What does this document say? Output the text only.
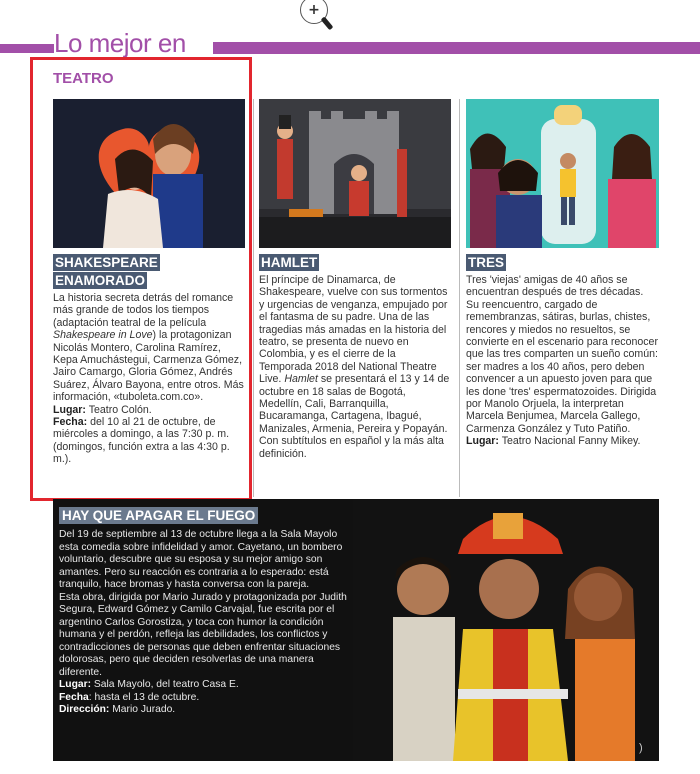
+
Lo mejor en
TEATRO
SHAKESPEARE
ENAMORADO
La historia secreta detrás del romance más grande de todos los tiempos (adaptación teatral de la película Shakespeare in Love) la protagonizan Nicolás Montero, Carolina Ramírez, Kepa Amuchástegui, Carmenza Gómez, Jairo Camargo, Gloria Gómez, Andrés Suárez, Álvaro Bayona, entre otros. Más información, «tuboleta.com.co».
Lugar: Teatro Colón.
Fecha: del 10 al 21 de octubre, de miércoles a domingo, a las 7:30 p. m. (domingos, función extra a las 4:30 p. m.).
HAMLET
El príncipe de Dinamarca, de Shakespeare, vuelve con sus tormentos y urgencias de venganza, empujado por el fantasma de su padre. Una de las tragedias más amadas en la historia del teatro, se presenta de nuevo en Colombia, y es el cierre de la Temporada 2018 del National Theatre Live. Hamlet se presentará el 13 y 14 de octubre en 18 salas de Bogotá, Medellín, Cali, Barranquilla, Bucaramanga, Cartagena, Ibagué, Manizales, Armenia, Pereira y Popayán. Con subtítulos en español y la más alta definición.
TRES
Tres 'viejas' amigas de 40 años se encuentran después de tres décadas. Su reencuentro, cargado de remembranzas, sátiras, burlas, chistes, rencores y miedos no resueltos, se convierte en el escenario para reconocer que las tres comparten un sueño común: ser madres a los 40 años, pero deben convencer a un apuesto joven para que les done 'tres' espermatozoides. Dirigida por Manolo Orjuela, la interpretan Marcela Benjumea, Marcela Gallego, Carmenza González y Tuto Patiño.
Lugar: Teatro Nacional Fanny Mikey.
)
HAY QUE APAGAR EL FUEGO

Del 19 de septiembre al 13 de octubre llega a la Sala Mayolo esta comedia sobre infidelidad y amor. Cayetano, un bombero voluntario, descubre que su esposa y su mejor amigo son amantes. Pero su reacción es contraria a lo esperado: está tranquilo, hace bromas y hasta conversa con la pareja.

Esta obra, dirigida por Mario Jurado y protagonizada por Judith Segura, Edward Gómez y Camilo Carvajal, fue escrita por el argentino Carlos Gorostiza, y toca con humor la condición humana y el perdón, refleja las debilidades, los conflictos y contradicciones de personas que deben enfrentar situaciones dolorosas, pero que deciden resolverlas de una manera diferente.

Lugar: Sala Mayolo, del teatro Casa E.

Fecha: hasta el 13 de octubre.

Dirección: Mario Jurado.
